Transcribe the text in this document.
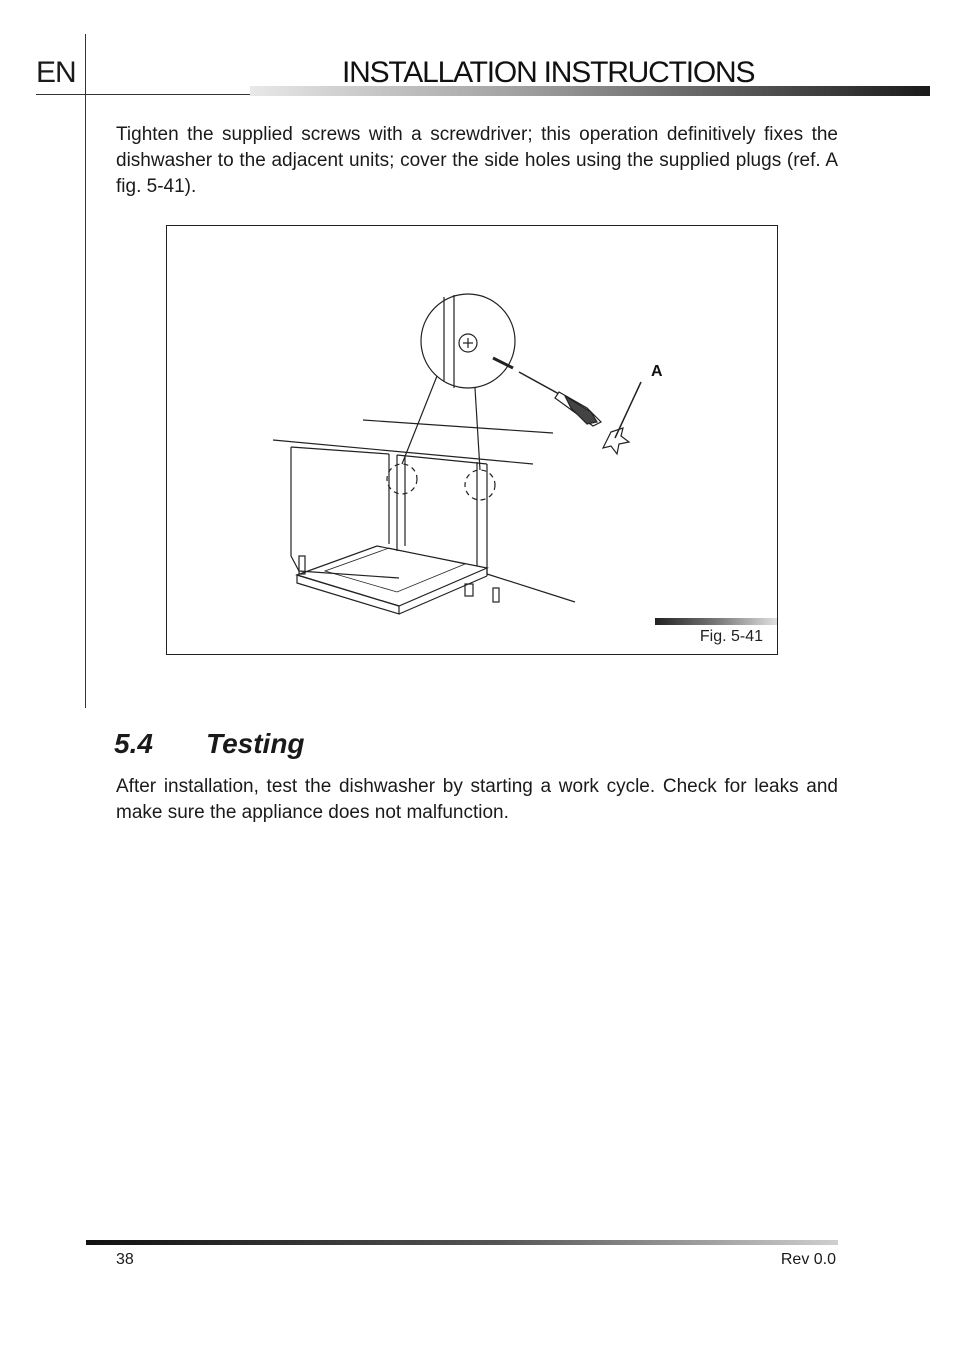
EN	INSTALLATION INSTRUCTIONS

Tighten the supplied screws with a screwdriver; this operation definitively fixes the dishwasher to the adjacent units; cover the side holes using the supplied plugs (ref. A fig. 5-41).

A
Fig. 5-41
5.4 Testing

After installation, test the dishwasher by starting a work cycle. Check for leaks and make sure the appliance does not malfunction.

38	Rev 0.0
